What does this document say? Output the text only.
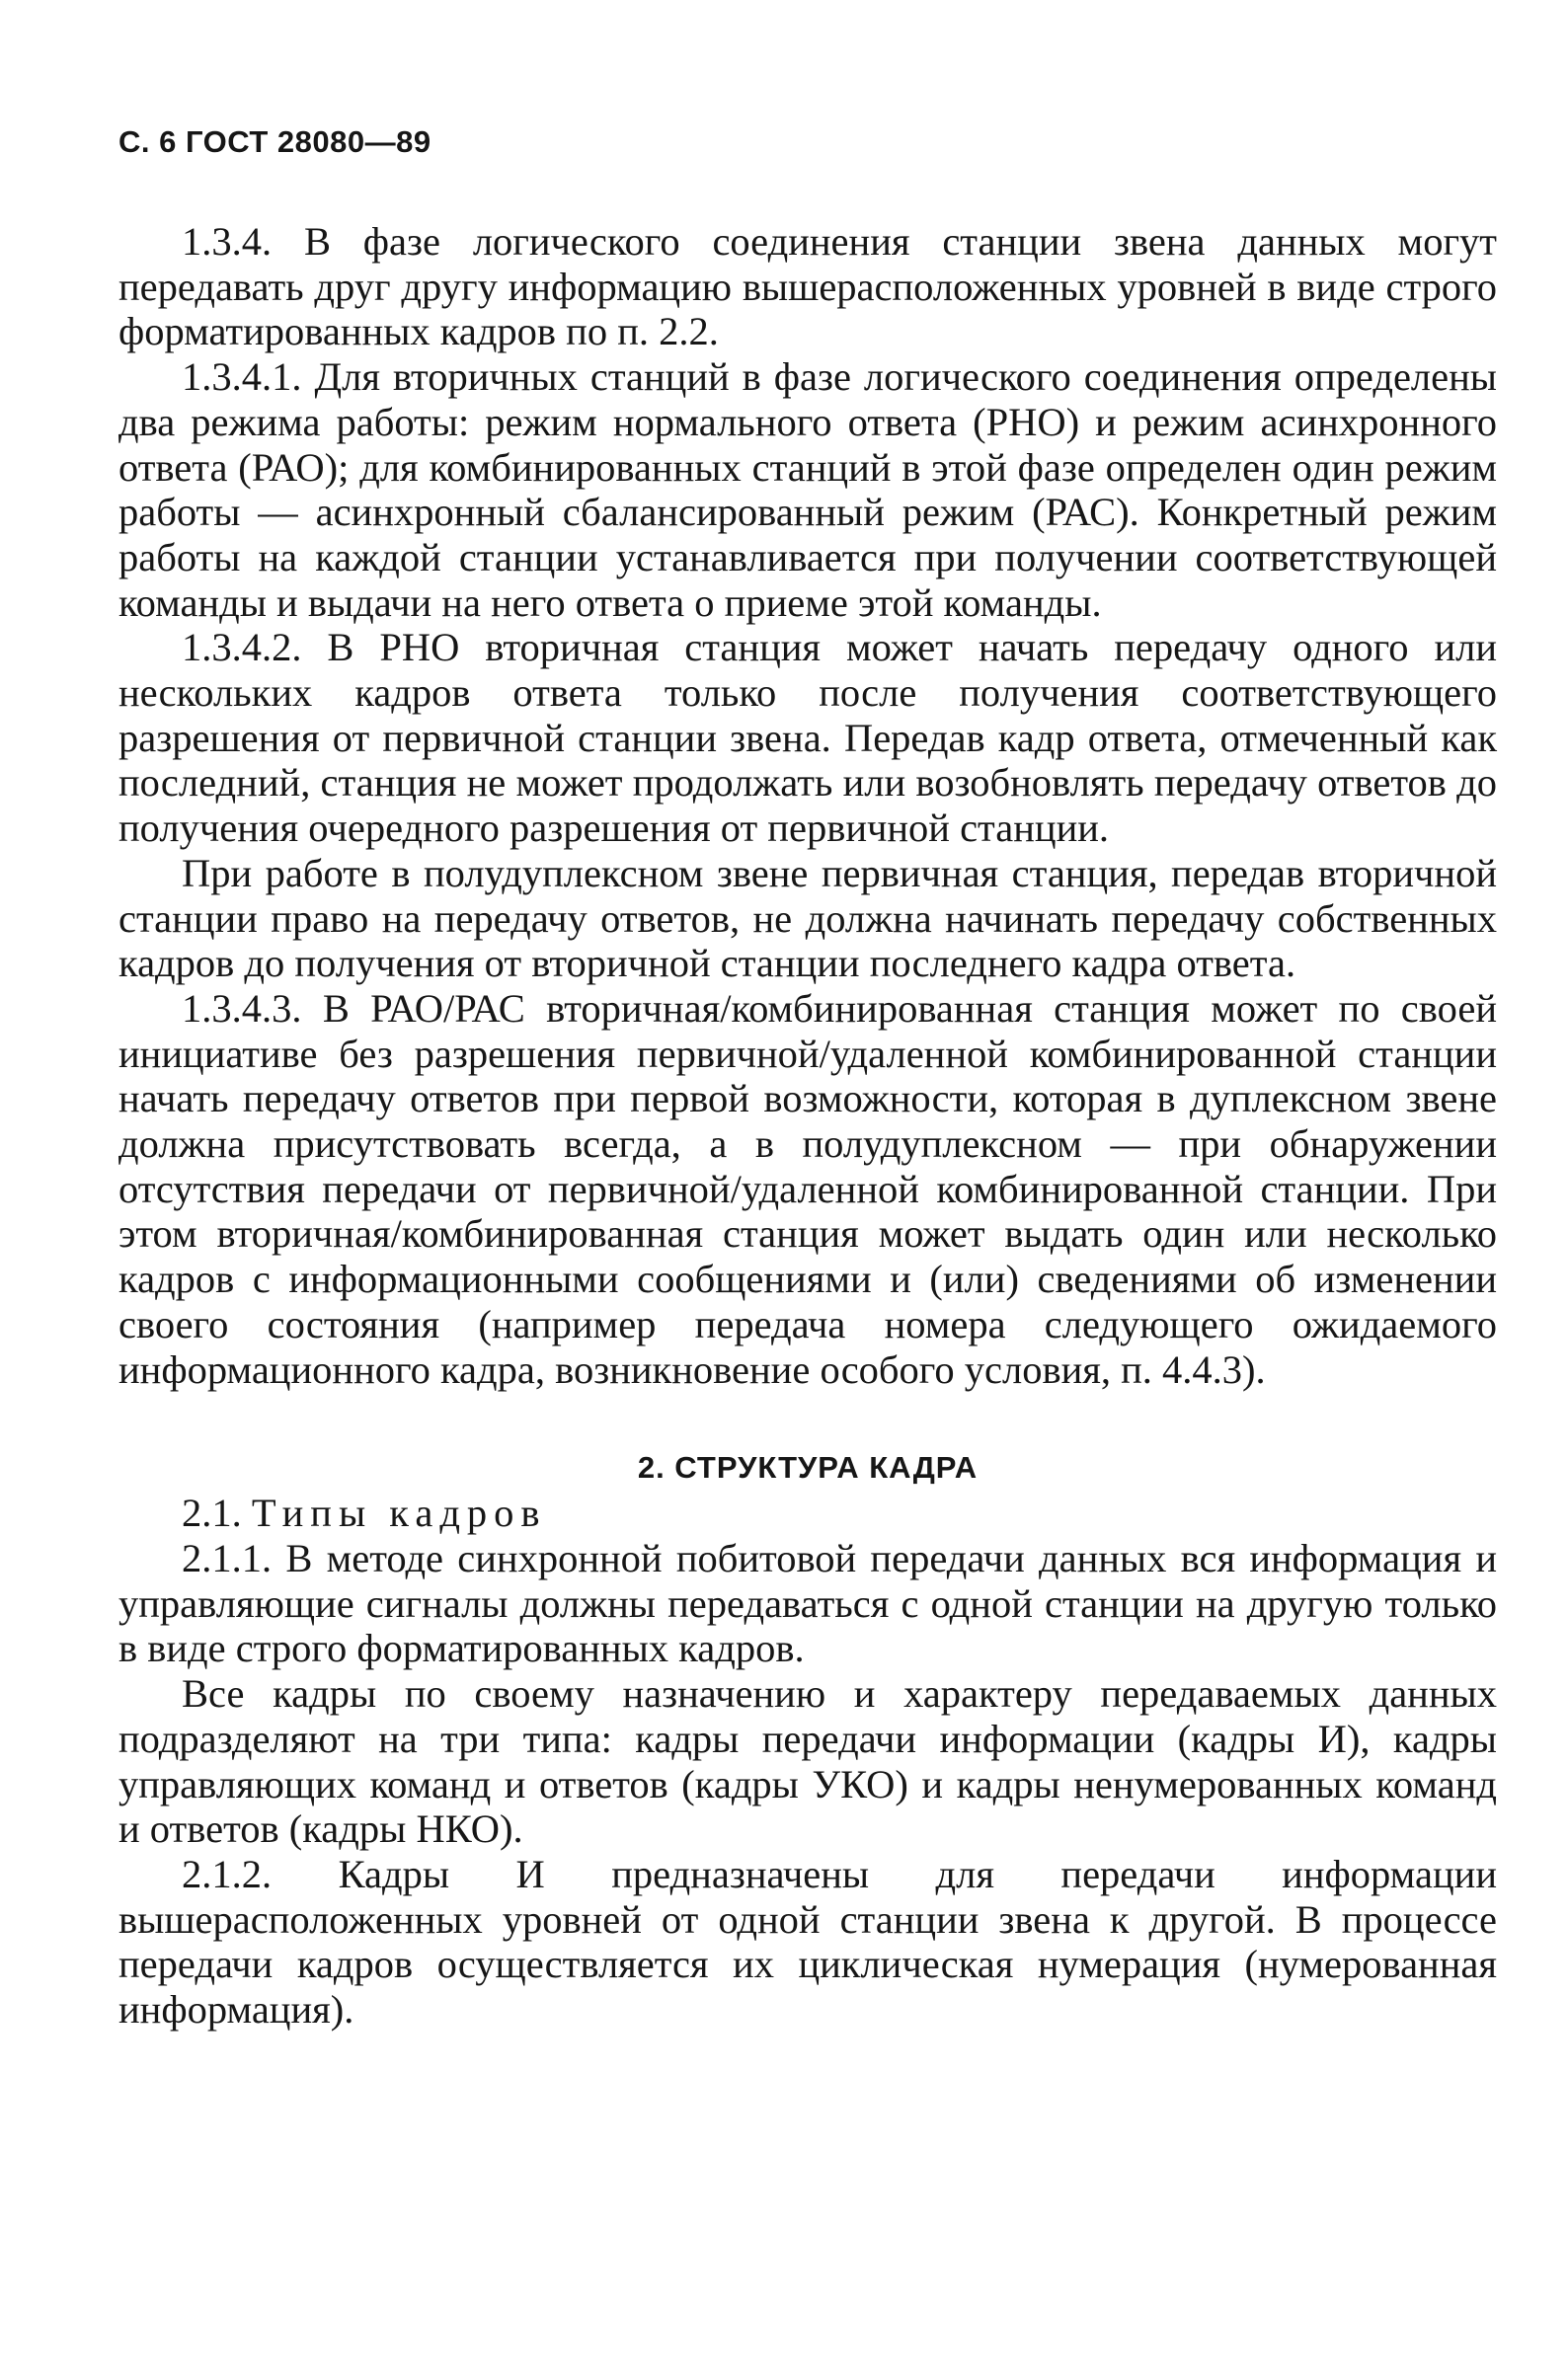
С. 6 ГОСТ 28080—89

1.3.4. В фазе логического соединения станции звена данных могут передавать друг другу информацию вышерасположенных уровней в виде строго форматированных кадров по п. 2.2.

1.3.4.1. Для вторичных станций в фазе логического соединения определены два режима работы: режим нормального ответа (РНО) и режим асинхронного ответа (РАО); для комбинированных станций в этой фазе определен один режим работы — асинхронный сбалансированный режим (РАС). Конкретный режим работы на каждой станции устанавливается при получении соответствующей команды и выдачи на него ответа о приеме этой команды.

1.3.4.2. В РНО вторичная станция может начать передачу одного или нескольких кадров ответа только после получения соответствующего разрешения от первичной станции звена. Передав кадр ответа, отмеченный как последний, станция не может продолжать или возобновлять передачу ответов до получения очередного разрешения от первичной станции.

При работе в полудуплексном звене первичная станция, передав вторичной станции право на передачу ответов, не должна начинать передачу собственных кадров до получения от вторичной станции последнего кадра ответа.

1.3.4.3. В РАО/РАС вторичная/комбинированная станция может по своей инициативе без разрешения первичной/удаленной комбинированной станции начать передачу ответов при первой возможности, которая в дуплексном звене должна присутствовать всегда, а в полудуплексном — при обнаружении отсутствия передачи от первичной/удаленной комбинированной станции. При этом вторичная/комбинированная станция может выдать один или несколько кадров с информационными сообщениями и (или) сведениями об изменении своего состояния (например передача номера следующего ожидаемого информационного кадра, возникновение особого условия, п. 4.4.3).

2. СТРУКТУРА КАДРА

2.1. Типы кадров

2.1.1. В методе синхронной побитовой передачи данных вся информация и управляющие сигналы должны передаваться с одной станции на другую только в виде строго форматированных кадров.

Все кадры по своему назначению и характеру передаваемых данных подразделяют на три типа: кадры передачи информации (кадры И), кадры управляющих команд и ответов (кадры УКО) и кадры ненумерованных команд и ответов (кадры НКО).

2.1.2. Кадры И предназначены для передачи информации вышерасположенных уровней от одной станции звена к другой. В процессе передачи кадров осуществляется их циклическая нумерация (нумерованная информация).
